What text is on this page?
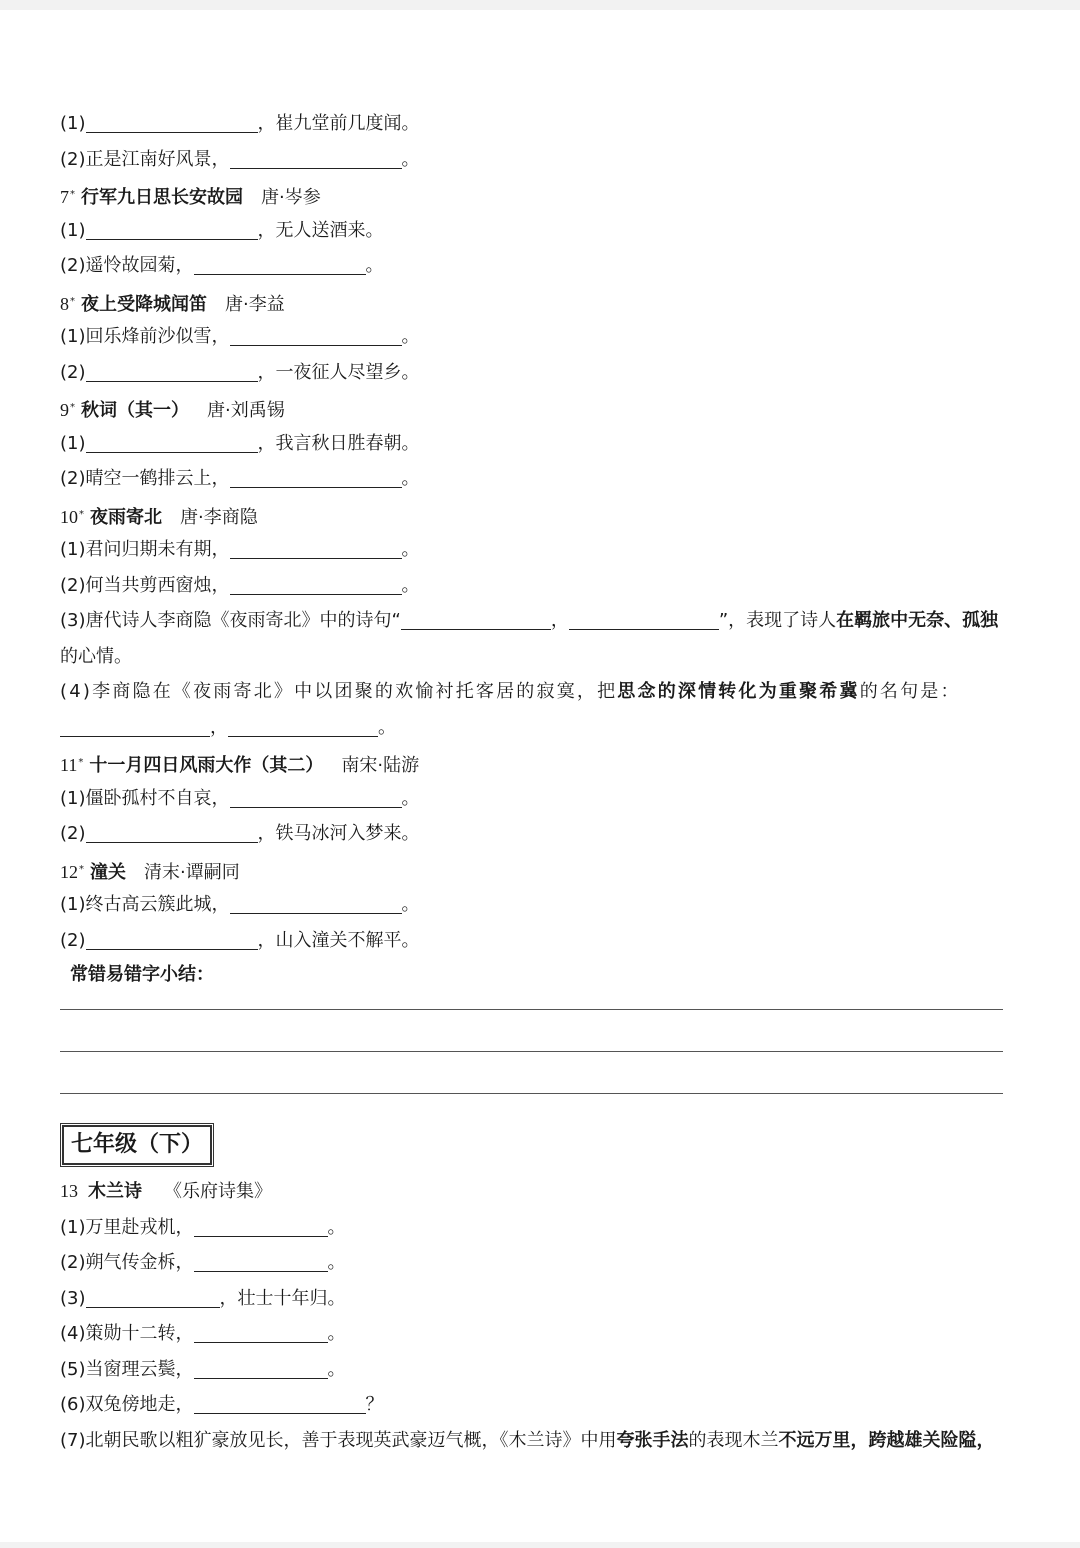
(1)	，崔九堂前几度闻。
(2)正是江南好风景，	。
7* 行军九日思长安故园 唐·岑参
(1)	，无人送酒来。
(2)遥怜故园菊，	。
8* 夜上受降城闻笛 唐·李益
(1)回乐烽前沙似雪，	。
(2)	，一夜征人尽望乡。
9* 秋词（其一） 唐·刘禹锡
(1)	，我言秋日胜春朝。
(2)晴空一鹤排云上，	。
10* 夜雨寄北 唐·李商隐
(1)君问归期未有期，	。
(2)何当共剪西窗烛，	。
(3)唐代诗人李商隐《夜雨寄北》中的诗句“	，	”，表现了诗人在羁旅中无奈、孤独
的心情。
(4)李商隐在《夜雨寄北》中以团聚的欢愉衬托客居的寂寞，把思念的深情转化为重聚希冀的名句是：
，	。
11* 十一月四日风雨大作（其二） 南宋·陆游
(1)僵卧孤村不自哀，	。
(2)	，铁马冰河入梦来。
12* 潼关 清末·谭嗣同
(1)终古高云簇此城，	。
(2)	，山入潼关不解平。
常错易错字小结：
七年级（下）
13 木兰诗 《乐府诗集》
(1)万里赴戎机，	。
(2)朔气传金柝，	。
(3)	，壮士十年归。
(4)策勋十二转，	。
(5)当窗理云鬓，	。
(6)双兔傍地走，	？
(7)北朝民歌以粗犷豪放见长，善于表现英武豪迈气概，《木兰诗》中用夸张手法的表现木兰不远万里，跨越雄关险隘，
